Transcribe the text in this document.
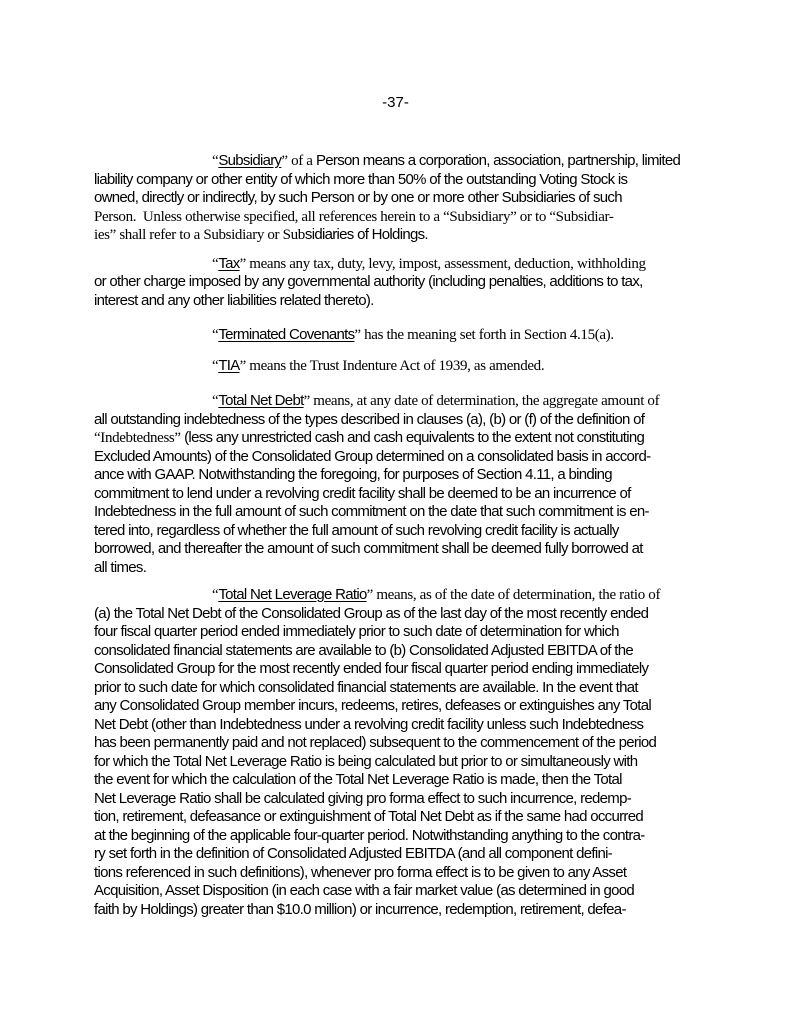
-37-
“Subsidiary” of a Person means a corporation, association, partnership, limited
liability company or other entity of which more than 50% of the outstanding Voting Stock is
owned, directly or indirectly, by such Person or by one or more other Subsidiaries of such
Person.  Unless otherwise specified, all references herein to a “Subsidiary” or to “Subsidiar-
ies” shall refer to a Subsidiary or Subsidiaries of Holdings.
“Tax” means any tax, duty, levy, impost, assessment, deduction, withholding
or other charge imposed by any governmental authority (including penalties, additions to tax,
interest and any other liabilities related thereto).
“Terminated Covenants” has the meaning set forth in Section 4.15(a).
“TIA” means the Trust Indenture Act of 1939, as amended.
“Total Net Debt” means, at any date of determination, the aggregate amount of
all outstanding indebtedness of the types described in clauses (a), (b) or (f) of the definition of
“Indebtedness” (less any unrestricted cash and cash equivalents to the extent not constituting
Excluded Amounts) of the Consolidated Group determined on a consolidated basis in accord-
ance with GAAP. Notwithstanding the foregoing, for purposes of Section 4.11, a binding
commitment to lend under a revolving credit facility shall be deemed to be an incurrence of
Indebtedness in the full amount of such commitment on the date that such commitment is en-
tered into, regardless of whether the full amount of such revolving credit facility is actually
borrowed, and thereafter the amount of such commitment shall be deemed fully borrowed at
all times.
“Total Net Leverage Ratio” means, as of the date of determination, the ratio of
(a) the Total Net Debt of the Consolidated Group as of the last day of the most recently ended
four fiscal quarter period ended immediately prior to such date of determination for which
consolidated financial statements are available to (b) Consolidated Adjusted EBITDA of the
Consolidated Group for the most recently ended four fiscal quarter period ending immediately
prior to such date for which consolidated financial statements are available. In the event that
any Consolidated Group member incurs, redeems, retires, defeases or extinguishes any Total
Net Debt (other than Indebtedness under a revolving credit facility unless such Indebtedness
has been permanently paid and not replaced) subsequent to the commencement of the period
for which the Total Net Leverage Ratio is being calculated but prior to or simultaneously with
the event for which the calculation of the Total Net Leverage Ratio is made, then the Total
Net Leverage Ratio shall be calculated giving pro forma effect to such incurrence, redemp-
tion, retirement, defeasance or extinguishment of Total Net Debt as if the same had occurred
at the beginning of the applicable four-quarter period. Notwithstanding anything to the contra-
ry set forth in the definition of Consolidated Adjusted EBITDA (and all component defini-
tions referenced in such definitions), whenever pro forma effect is to be given to any Asset
Acquisition, Asset Disposition (in each case with a fair market value (as determined in good
faith by Holdings) greater than $10.0 million) or incurrence, redemption, retirement, defea-
